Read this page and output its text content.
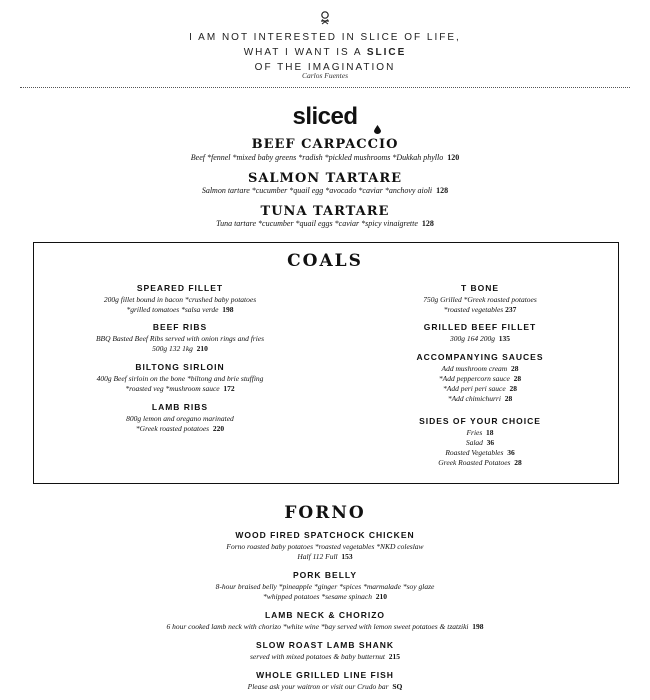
I AM NOT INTERESTED IN SLICE OF LIFE,
WHAT I WANT IS A SLICE
OF THE IMAGINATION
Carlos Fuentes
sliced
BEEF CARPACCIO
Beef *fennel *mixed baby greens *radish *pickled mushrooms *Dukkah phyllo 120
SALMON TARTARE
Salmon tartare *cucumber *quail egg *avocado *caviar *anchovy aioli 128
TUNA TARTARE
Tuna tartare *cucumber *quail eggs *caviar *spicy vinaigrette 128
COALS
SPEARED FILLET
200g fillet bound in bacon *crushed baby potatoes
*grilled tomatoes *salsa verde 198
BEEF RIBS
BBQ Basted Beef Ribs served with onion rings and fries
500g 132 1kg 210
BILTONG SIRLOIN
400g Beef sirloin on the bone *biltong and brie stuffing
*roasted veg *mushroom sauce 172
LAMB RIBS
800g lemon and oregano marinated
*Greek roasted potatoes 220
T BONE
750g Grilled *Greek roasted potatoes
*roasted vegetables 237
GRILLED BEEF FILLET
300g 164 200g 135
ACCOMPANYING SAUCES
Add mushroom cream 28
*Add peppercorn sauce 28
*Add peri peri sauce 28
*Add chimichurri 28
SIDES OF YOUR CHOICE
Fries 18
Salad 36
Roasted Vegetables 36
Greek Roasted Potatoes 28
FORNO
WOOD FIRED SPATCHOCK CHICKEN
Forno roasted baby potatoes *roasted vegetables *NKD coleslaw
Half 112 Full 153
PORK BELLY
8-hour braised belly *pineapple *ginger *spices *marmalade *soy glaze
*whipped potatoes *sesame spinach 210
LAMB NECK & CHORIZO
6 hour cooked lamb neck with chorizo *white wine *bay served with lemon sweet potatoes & tzatziki 198
SLOW ROAST LAMB SHANK
served with mixed potatoes & baby butternut 215
WHOLE GRILLED LINE FISH
Please ask your waitron or visit our Crudo bar SQ
